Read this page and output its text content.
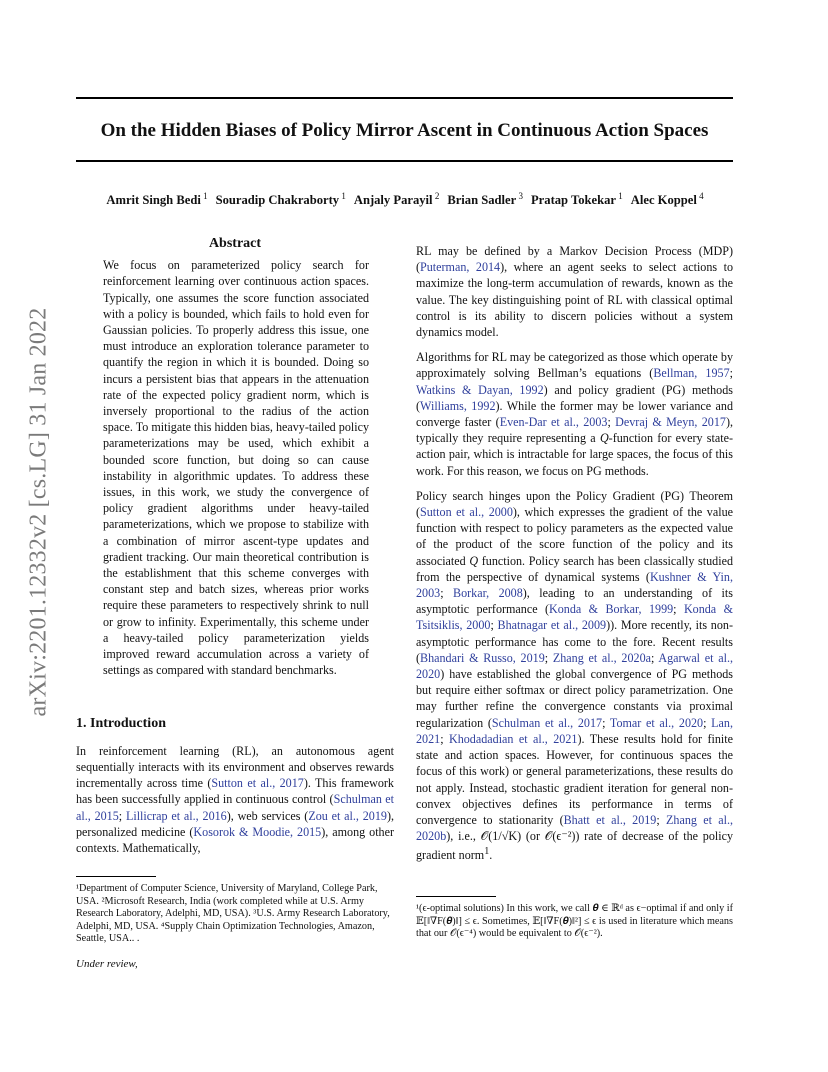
On the Hidden Biases of Policy Mirror Ascent in Continuous Action Spaces
Amrit Singh Bedi $^1$ Souradip Chakraborty $^1$ Anjaly Parayil $^2$ Brian Sadler $^3$ Pratap Tokekar $^1$ Alec Koppel $^4$
arXiv:2201.12332v2 [cs.LG] 31 Jan 2022
Abstract

We focus on parameterized policy search for reinforcement learning over continuous action spaces. Typically, one assumes the score function associated with a policy is bounded, which fails to hold even for Gaussian policies. To properly address this issue, one must introduce an exploration tolerance parameter to quantify the region in which it is bounded. Doing so incurs a persistent bias that appears in the attenuation rate of the expected policy gradient norm, which is inversely proportional to the radius of the action space. To mitigate this hidden bias, heavy-tailed policy parameterizations may be used, which exhibit a bounded score function, but doing so can cause instability in algorithmic updates. To address these issues, in this work, we study the convergence of policy gradient algorithms under heavy-tailed parameterizations, which we propose to stabilize with a combination of mirror ascent-type updates and gradient tracking. Our main theoretical contribution is the establishment that this scheme converges with constant step and batch sizes, whereas prior works require these parameters to respectively shrink to null or grow to infinity. Experimentally, this scheme under a heavy-tailed policy parameterization yields improved reward accumulation across a variety of settings as compared with standard benchmarks.

1. Introduction

In reinforcement learning (RL), an autonomous agent sequentially interacts with its environment and observes rewards incrementally across time (Sutton et al., 2017). This framework has been successfully applied in continuous control (Schulman et al., 2015; Lillicrap et al., 2016), web services (Zou et al., 2019), personalized medicine (Kosorok & Moodie, 2015), among other contexts. Mathematically,

¹Department of Computer Science, University of Maryland, College Park, USA. ²Microsoft Research, India (work completed while at U.S. Army Research Laboratory, Adelphi, MD, USA). ³U.S. Army Research Laboratory, Adelphi, MD, USA. ⁴Supply Chain Optimization Technologies, Amazon, Seattle, USA.. .
Under review,

RL may be defined by a Markov Decision Process (MDP) (Puterman, 2014), where an agent seeks to select actions to maximize the long-term accumulation of rewards, known as the value. The key distinguishing point of RL with classical optimal control is its ability to discern policies without a system dynamics model.

Algorithms for RL may be categorized as those which operate by approximately solving Bellman’s equations (Bellman, 1957; Watkins & Dayan, 1992) and policy gradient (PG) methods (Williams, 1992). While the former may be lower variance and converge faster (Even-Dar et al., 2003; Devraj & Meyn, 2017), typically they require representing a Q-function for every state-action pair, which is intractable for large spaces, the focus of this work. For this reason, we focus on PG methods.

Policy search hinges upon the Policy Gradient (PG) Theorem (Sutton et al., 2000), which expresses the gradient of the value function with respect to policy parameters as the expected value of the product of the score function of the policy and its associated Q function. Policy search has been classically studied from the perspective of dynamical systems (Kushner & Yin, 2003; Borkar, 2008), leading to an understanding of its asymptotic performance (Konda & Borkar, 1999; Konda & Tsitsiklis, 2000; Bhatnagar et al., 2009)). More recently, its non-asymptotic performance has come to the fore. Recent results (Bhandari & Russo, 2019; Zhang et al., 2020a; Agarwal et al., 2020) have established the global convergence of PG methods but require either softmax or direct policy parametrization. One may further refine the convergence constants via proximal regularization (Schulman et al., 2017; Tomar et al., 2020; Lan, 2021; Khodadadian et al., 2021). These results hold for finite state and action spaces. However, for continuous spaces the focus of this work) or general parameterizations, these results do not apply. Instead, stochastic gradient iteration for general non-convex objectives defines its performance in terms of convergence to stationarity (Bhatt et al., 2019; Zhang et al., 2020b), i.e., 𝒪(1/√K) (or 𝒪(ϵ⁻²)) rate of decrease of the policy gradient norm$^1$.

¹(ϵ-optimal solutions) In this work, we call 𝜽 ∈ ℝᵈ as ϵ−optimal if and only if 𝔼[‖∇F(𝜽)‖] ≤ ϵ. Sometimes, 𝔼[‖∇F(𝜽)‖²] ≤ ϵ is used in literature which means that our 𝒪(ϵ⁻⁴) would be equivalent to 𝒪(ϵ⁻²).
